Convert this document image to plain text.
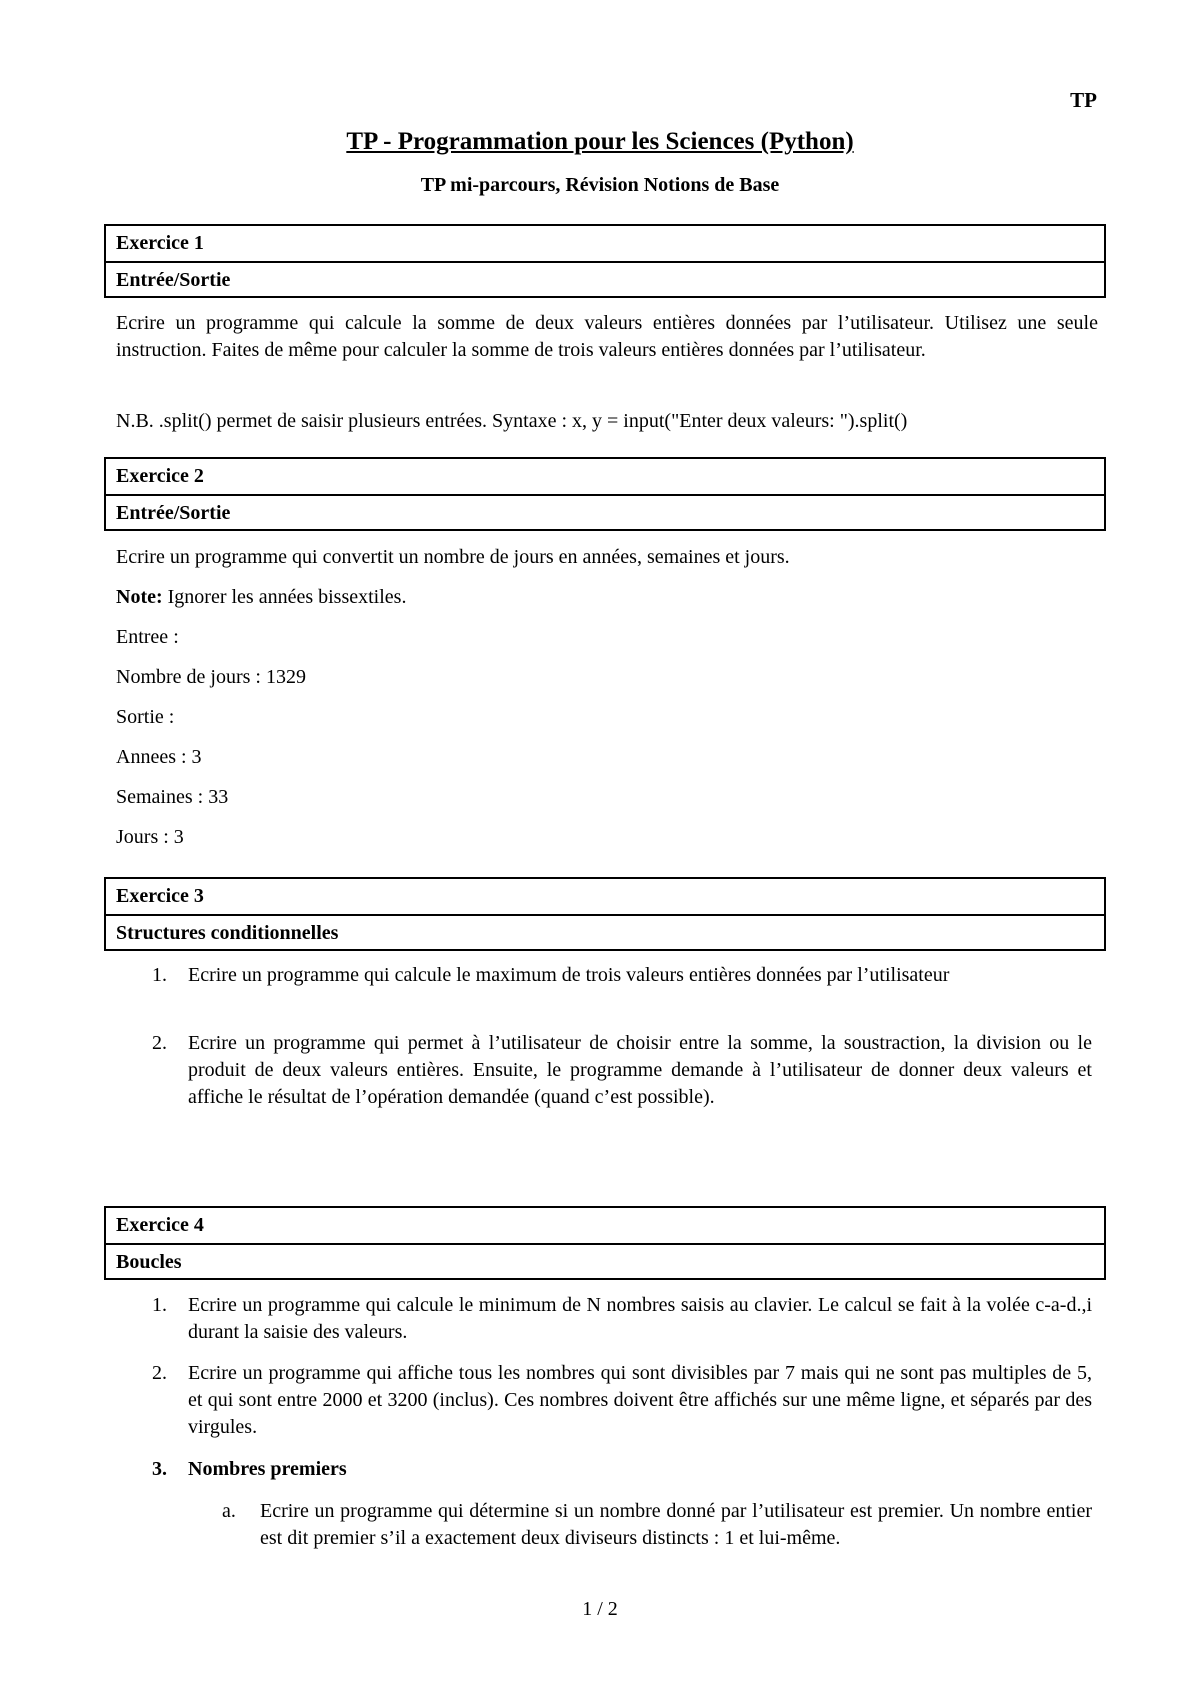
TP
TP - Programmation pour les Sciences (Python)
TP mi-parcours, Révision Notions de Base
Exercice 1
Entrée/Sortie
Ecrire un programme qui calcule la somme de deux valeurs entières données par l’utilisateur. Utilisez une seule instruction. Faites de même pour calculer la somme de trois valeurs entières données par l’utilisateur.
N.B. .split() permet de saisir plusieurs entrées. Syntaxe : x, y = input("Enter deux valeurs: ").split()
Exercice 2
Entrée/Sortie
Ecrire un programme qui convertit un nombre de jours en années, semaines et jours.
Note: Ignorer les années bissextiles.
Entree :
Nombre de jours : 1329
Sortie :
Annees : 3
Semaines : 33
Jours : 3
Exercice 3
Structures conditionnelles
1. Ecrire un programme qui calcule le maximum de trois valeurs entières données par l’utilisateur
2. Ecrire un programme qui permet à l’utilisateur de choisir entre la somme, la soustraction, la division ou le produit de deux valeurs entières. Ensuite, le programme demande à l’utilisateur de donner deux valeurs et affiche le résultat de l’opération demandée (quand c’est possible).
Exercice 4
Boucles
1. Ecrire un programme qui calcule le minimum de N nombres saisis au clavier. Le calcul se fait à la volée c-a-d.,i durant la saisie des valeurs.
2. Ecrire un programme qui affiche tous les nombres qui sont divisibles par 7 mais qui ne sont pas multiples de 5, et qui sont entre 2000 et 3200 (inclus). Ces nombres doivent être affichés sur une même ligne, et séparés par des virgules.
3. Nombres premiers
a. Ecrire un programme qui détermine si un nombre donné par l’utilisateur est premier. Un nombre entier est dit premier s’il a exactement deux diviseurs distincts : 1 et lui-même.
1 / 2
